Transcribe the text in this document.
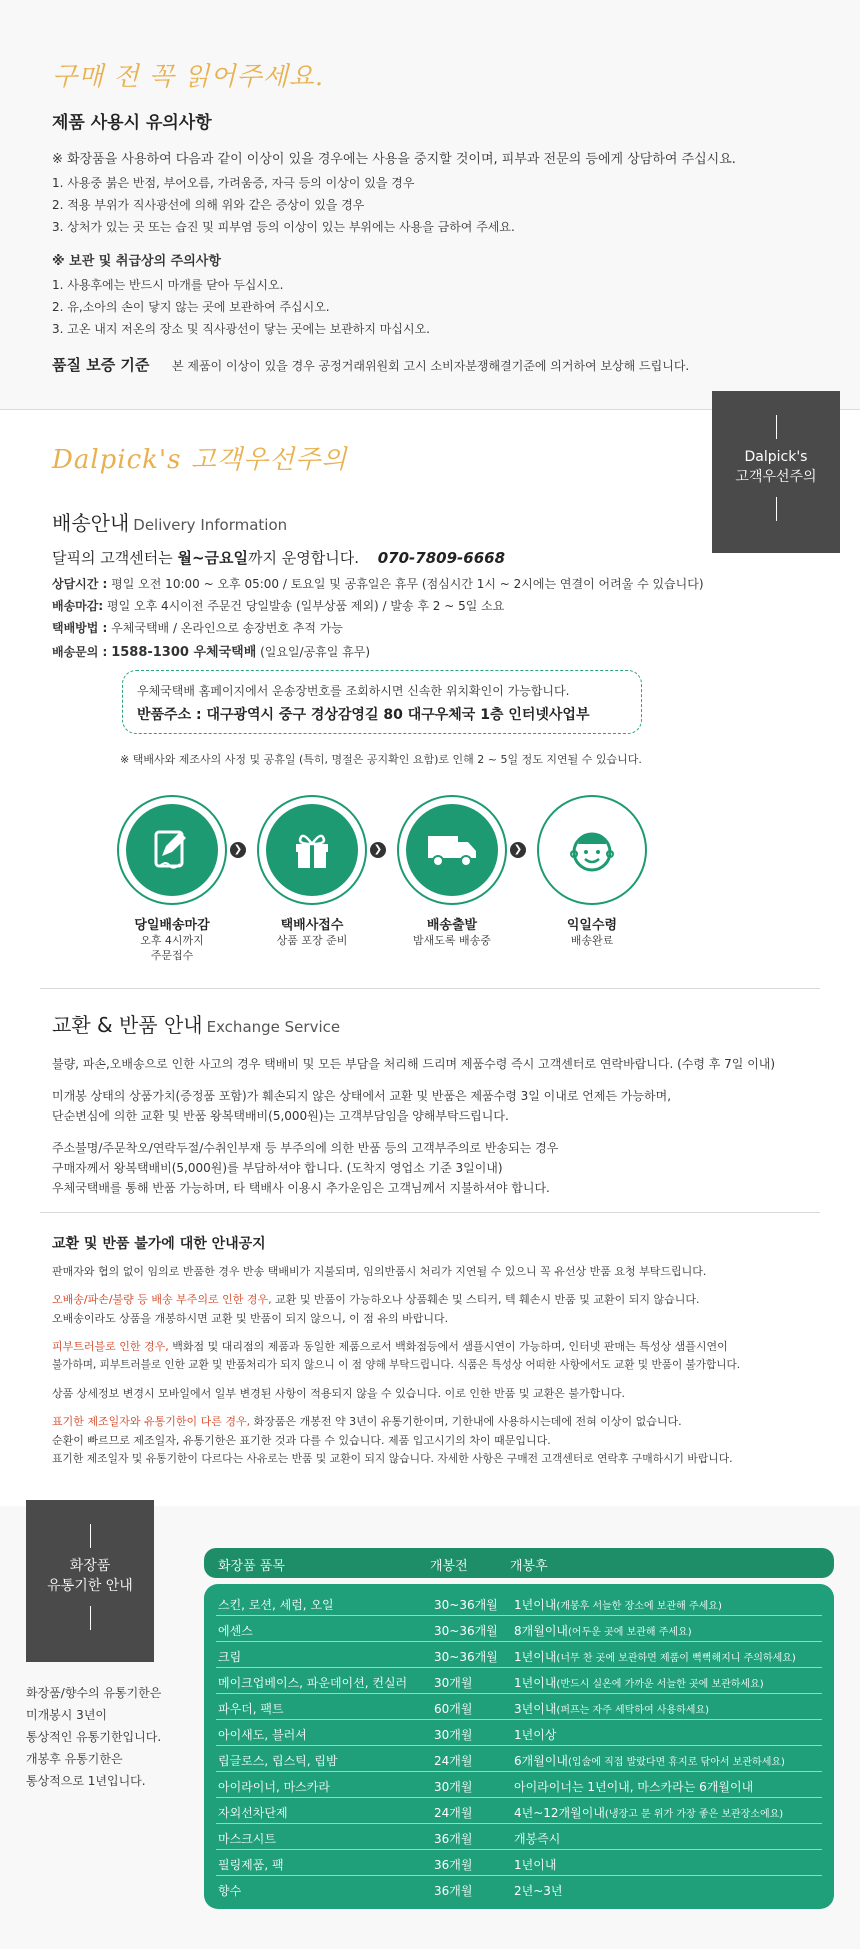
구매 전 꼭 읽어주세요.
제품 사용시 유의사항
※ 화장품을 사용하여 다음과 같이 이상이 있을 경우에는 사용을 중지할 것이며, 피부과 전문의 등에게 상담하여 주십시요.
1. 사용중 붉은 반점, 부어오름, 가려움증, 자극 등의 이상이 있을 경우
2. 적용 부위가 직사광선에 의해 위와 같은 증상이 있을 경우
3. 상처가 있는 곳 또는 습진 및 피부염 등의 이상이 있는 부위에는 사용을 금하여 주세요.
※ 보관 및 취급상의 주의사항
1. 사용후에는 반드시 마개를 닫아 두십시오.
2. 유,소아의 손이 닿지 않는 곳에 보관하여 주십시오.
3. 고온 내지 저온의 장소 및 직사광선이 닿는 곳에는 보관하지 마십시오.
품질 보증 기준 본 제품이 이상이 있을 경우 공정거래위원회 고시 소비자분쟁해결기준에 의거하여 보상해 드립니다.
Dalpick's 고객우선주의	Dalpick's
고객우선주의
배송안내 Delivery Information
달픽의 고객센터는 월~금요일까지 운영합니다. 070-7809-6668
상담시간 : 평일 오전 10:00 ~ 오후 05:00 / 토요일 및 공휴일은 휴무 (점심시간 1시 ~ 2시에는 연결이 어려울 수 있습니다)
배송마감: 평일 오후 4시이전 주문건 당일발송 (일부상품 제외) / 발송 후 2 ~ 5일 소요
택배방법 : 우체국택배 / 온라인으로 송장번호 추적 가능
배송문의 : 1588-1300 우체국택배 (일요일/공휴일 휴무)
우체국택배 홈페이지에서 운송장번호를 조회하시면 신속한 위치확인이 가능합니다.
반품주소 : 대구광역시 중구 경상감영길 80 대구우체국 1층 인터넷사업부
※ 택배사와 제조사의 사정 및 공휴일 (특히, 명절은 공지확인 요함)로 인해 2 ~ 5일 정도 지연될 수 있습니다.
❯	❯	❯
당일배송마감
오후 4시까지
주문접수
택배사접수
상품 포장 준비
배송출발
밤새도록 배송중
익일수령
배송완료
교환 & 반품 안내 Exchange Service
불량, 파손,오배송으로 인한 사고의 경우 택배비 및 모든 부담을 처리해 드리며 제품수령 즉시 고객센터로 연락바랍니다. (수령 후 7일 이내)
미개봉 상태의 상품가치(증정품 포함)가 훼손되지 않은 상태에서 교환 및 반품은 제품수령 3일 이내로 언제든 가능하며,
단순변심에 의한 교환 및 반품 왕복택배비(5,000원)는 고객부담임을 양해부탁드립니다.
주소불명/주문착오/연락두절/수취인부재 등 부주의에 의한 반품 등의 고객부주의로 반송되는 경우
구매자께서 왕복택배비(5,000원)를 부담하셔야 합니다. (도착지 영업소 기준 3일이내)
우체국택배를 통해 반품 가능하며, 타 택배사 이용시 추가운임은 고객님께서 지불하셔야 합니다.
교환 및 반품 불가에 대한 안내공지
판매자와 협의 없이 임의로 반품한 경우 반송 택배비가 지불되며, 임의반품시 처리가 지연될 수 있으니 꼭 유선상 반품 요청 부탁드립니다.
오배송/파손/불량 등 배송 부주의로 인한 경우, 교환 및 반품이 가능하오나 상품훼손 및 스티커, 텍 훼손시 반품 및 교환이 되지 않습니다.
오배송이라도 상품을 개봉하시면 교환 및 반품이 되지 않으니, 이 점 유의 바랍니다.
피부트러블로 인한 경우, 백화점 및 대리점의 제품과 동일한 제품으로서 백화점등에서 샘플시연이 가능하며, 인터넷 판매는 특성상 샘플시연이
불가하며, 피부트러블로 인한 교환 및 반품처리가 되지 않으니 이 점 양해 부탁드립니다. 식품은 특성상 어떠한 사항에서도 교환 및 반품이 불가합니다.
상품 상세정보 변경시 모바일에서 일부 변경된 사항이 적용되지 않을 수 있습니다. 이로 인한 반품 및 교환은 불가합니다.
표기한 제조일자와 유통기한이 다른 경우, 화장품은 개봉전 약 3년이 유통기한이며, 기한내에 사용하시는데에 전혀 이상이 없습니다.
순환이 빠르므로 제조일자, 유통기한은 표기한 것과 다를 수 있습니다. 제품 입고시기의 차이 때문입니다.
표기한 제조일자 및 유통기한이 다르다는 사유로는 반품 및 교환이 되지 않습니다. 자세한 사항은 구매전 고객센터로 연락후 구매하시기 바랍니다.
화장품
유통기한 안내
화장품/향수의 유통기한은
미개봉시 3년이
통상적인 유통기한입니다.
개봉후 유통기한은
통상적으로 1년입니다.
화장품 품목	개봉전	개봉후
스킨, 로션, 세럼, 오일	30~36개월 1년이내(개봉후 서늘한 장소에 보관해 주세요)
에센스	30~36개월 8개월이내(어두운 곳에 보관해 주세요)
크림	30~36개월 1년이내(너무 찬 곳에 보관하면 제품이 뻑뻑해지니 주의하세요)
메이크업베이스, 파운데이션, 컨실러 30개월	1년이내(반드시 실온에 가까운 서늘한 곳에 보관하세요)
파우더, 팩트	60개월	3년이내(퍼프는 자주 세탁하여 사용하세요)
아이새도, 블러셔	30개월	1년이상
립글로스, 립스틱, 립밤	24개월	6개월이내(입술에 직접 발랐다면 휴지로 닦아서 보관하세요)
아이라이너, 마스카라	30개월	아이라이너는 1년이내, 마스카라는 6개월이내
자외선차단제	24개월	4년~12개월이내(냉장고 문 위가 가장 좋은 보관장소에요)
마스크시트	36개월	개봉즉시
필링제품, 팩	36개월	1년이내
향수	36개월	2년~3년
